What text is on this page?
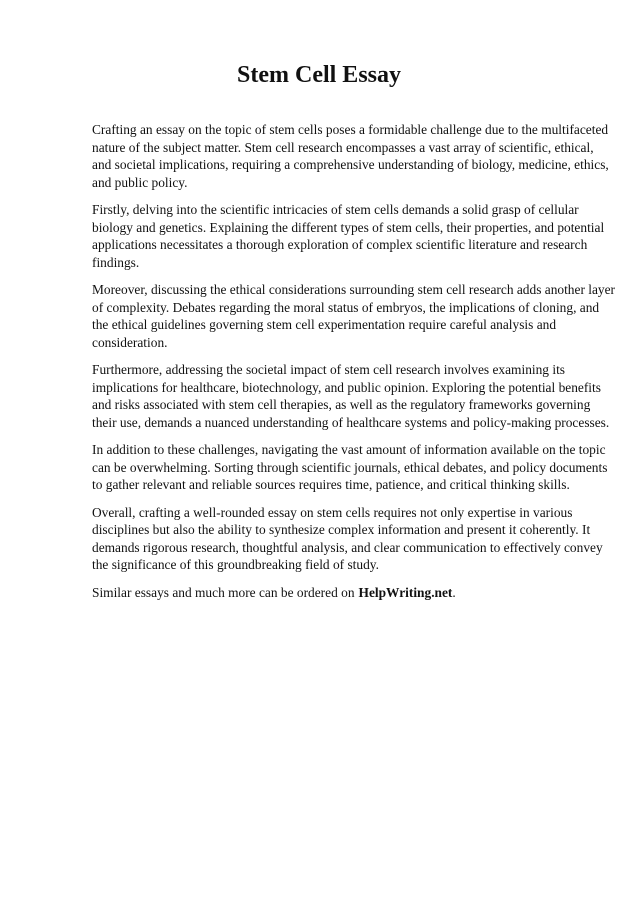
Stem Cell Essay

Crafting an essay on the topic of stem cells poses a formidable challenge due to the multifaceted
nature of the subject matter. Stem cell research encompasses a vast array of scientific, ethical,
and societal implications, requiring a comprehensive understanding of biology, medicine, ethics,
and public policy.

Firstly, delving into the scientific intricacies of stem cells demands a solid grasp of cellular
biology and genetics. Explaining the different types of stem cells, their properties, and potential
applications necessitates a thorough exploration of complex scientific literature and research
findings.

Moreover, discussing the ethical considerations surrounding stem cell research adds another layer
of complexity. Debates regarding the moral status of embryos, the implications of cloning, and
the ethical guidelines governing stem cell experimentation require careful analysis and
consideration.

Furthermore, addressing the societal impact of stem cell research involves examining its
implications for healthcare, biotechnology, and public opinion. Exploring the potential benefits
and risks associated with stem cell therapies, as well as the regulatory frameworks governing
their use, demands a nuanced understanding of healthcare systems and policy-making processes.

In addition to these challenges, navigating the vast amount of information available on the topic
can be overwhelming. Sorting through scientific journals, ethical debates, and policy documents
to gather relevant and reliable sources requires time, patience, and critical thinking skills.

Overall, crafting a well-rounded essay on stem cells requires not only expertise in various
disciplines but also the ability to synthesize complex information and present it coherently. It
demands rigorous research, thoughtful analysis, and clear communication to effectively convey
the significance of this groundbreaking field of study.

Similar essays and much more can be ordered on HelpWriting.net.
